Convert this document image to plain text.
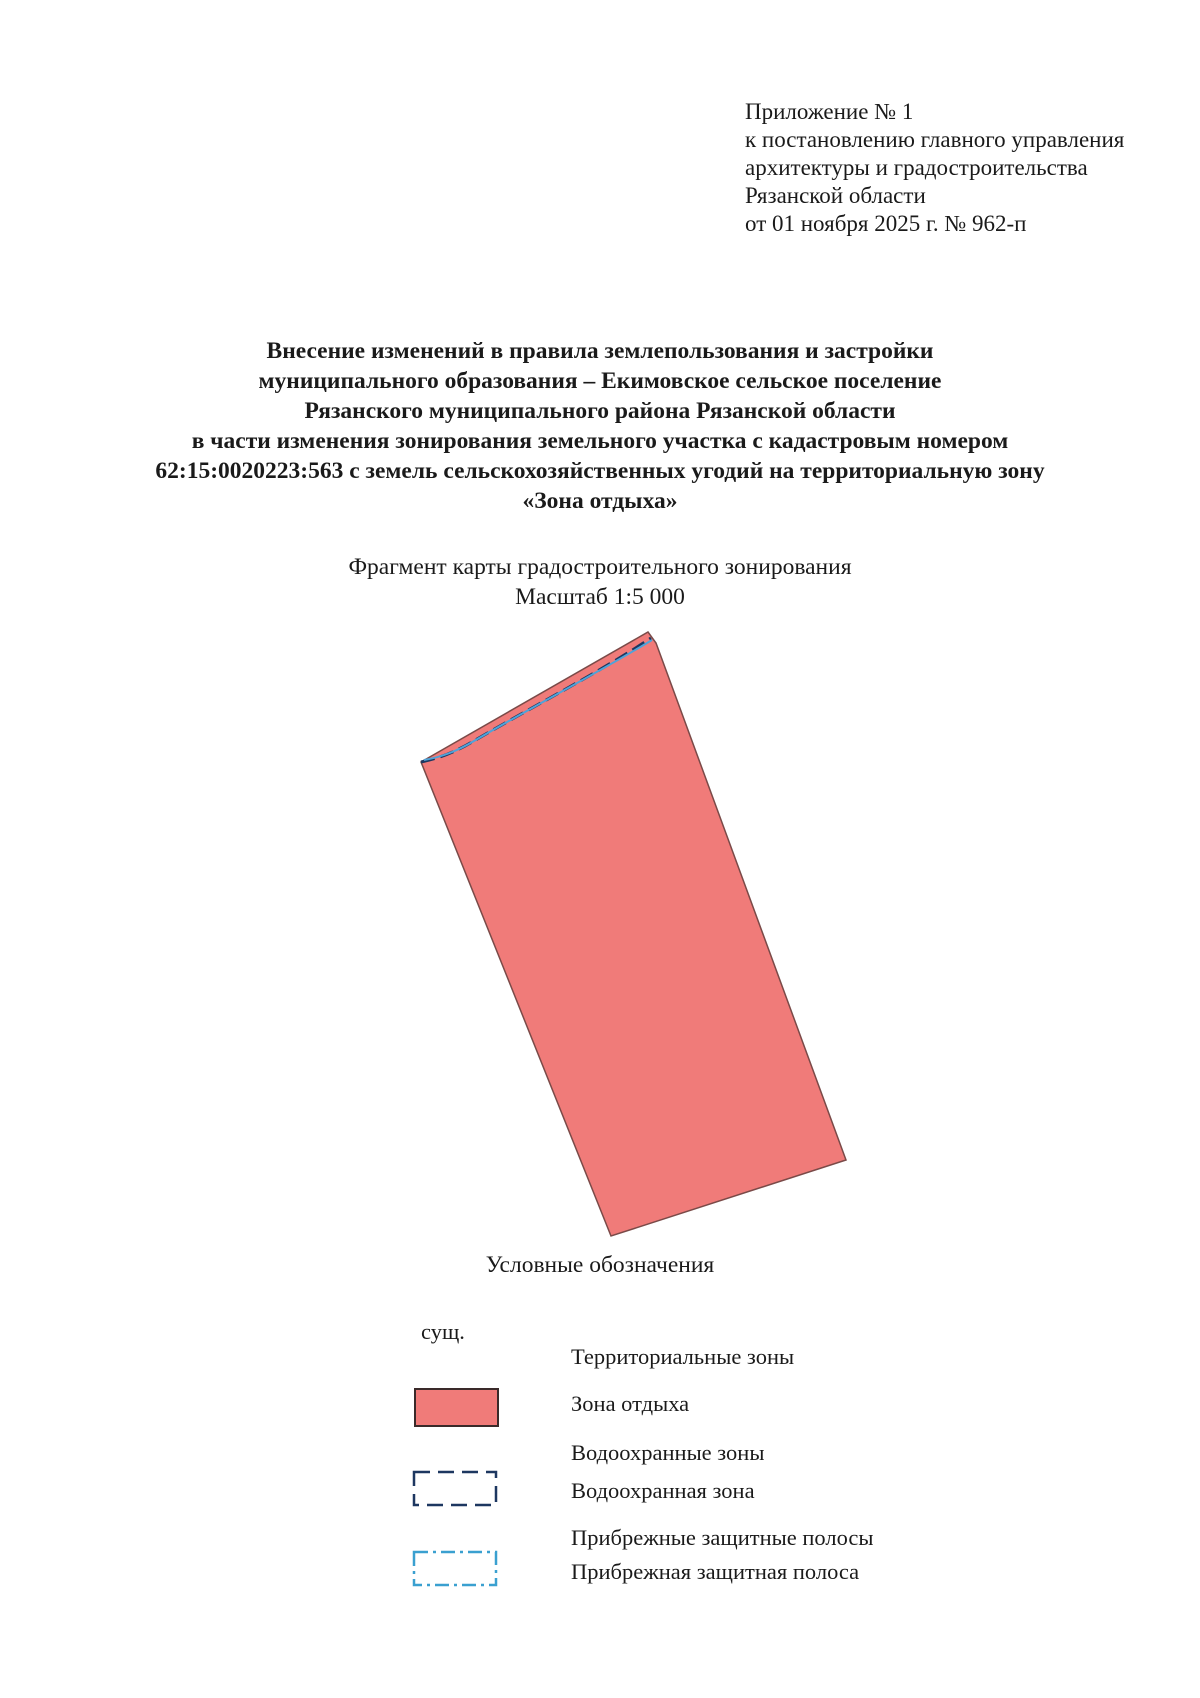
Приложение № 1
к постановлению главного управления
архитектуры и градостроительства
Рязанской области
от 01 ноября 2025 г. № 962-п
Внесение изменений в правила землепользования и застройки
муниципального образования – Екимовское сельское поселение
Рязанского муниципального района Рязанской области
в части изменения зонирования земельного участка с кадастровым номером
62:15:0020223:563 с земель сельскохозяйственных угодий на территориальную зону
«Зона отдыха»
Фрагмент карты градостроительного зонирования
Масштаб 1:5 000
Условные обозначения
сущ.
Территориальные зоны
Зона отдыха
Водоохранные зоны
Водоохранная зона
Прибрежные защитные полосы
Прибрежная защитная полоса
